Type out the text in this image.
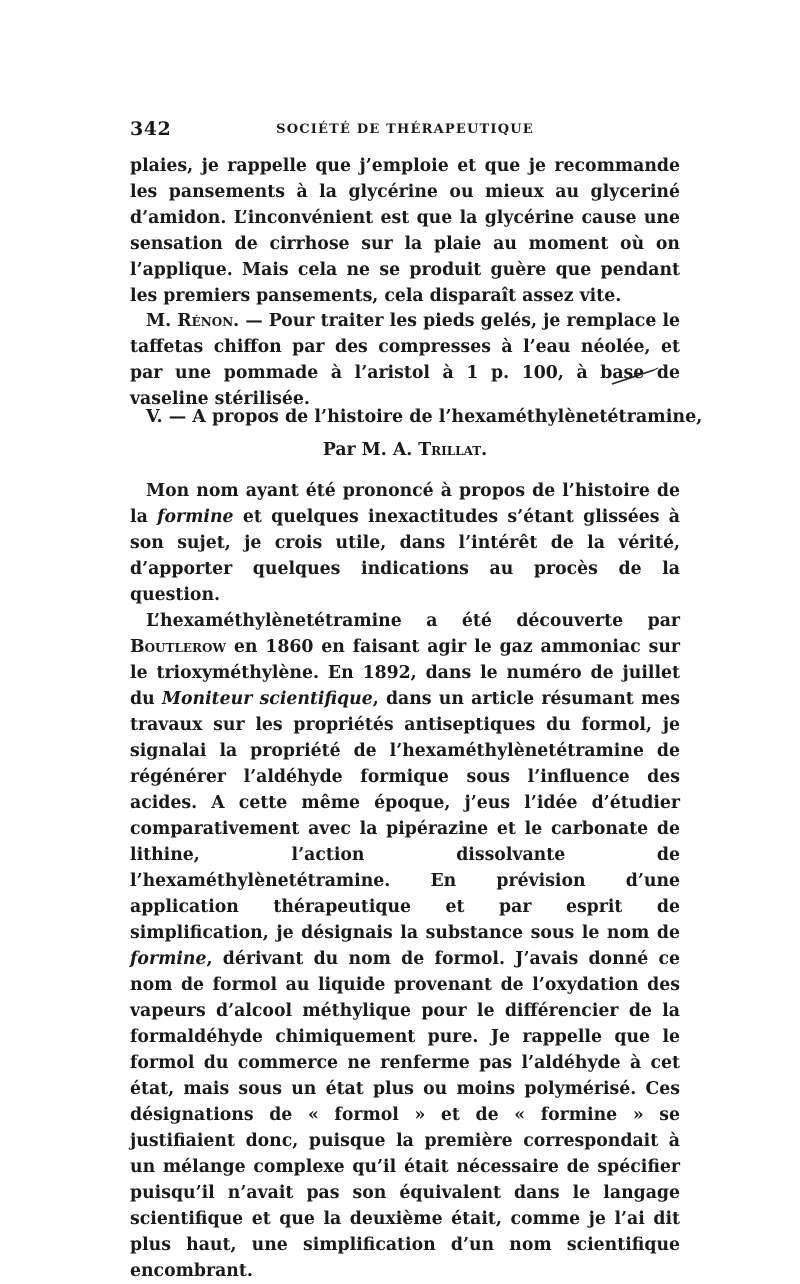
342	SOCIÉTÉ DE THÉRAPEUTIQUE

plaies, je rappelle que j’emploie et que je recommande les pansements à la glycérine ou mieux au glyceriné d’amidon. L’inconvénient est que la glycérine cause une sensation de cirrhose sur la plaie au moment où on l’applique. Mais cela ne se produit guère que pendant les premiers pansements, cela disparaît assez vite.

M. Rénon. — Pour traiter les pieds gelés, je remplace le taffetas chiffon par des compresses à l’eau néolée, et par une pommade à l’aristol à 1 p. 100, à base de vaseline stérilisée.

V. — A propos de l’histoire de l’hexaméthylènetétramine,
Par M. A. Trillat.

Mon nom ayant été prononcé à propos de l’histoire de la formine et quelques inexactitudes s’étant glissées à son sujet, je crois utile, dans l’intérêt de la vérité, d’apporter quelques indications au procès de la question.

L’hexaméthylènetétramine a été découverte par Boutlerow en 1860 en faisant agir le gaz ammoniac sur le trioxyméthylène. En 1892, dans le numéro de juillet du Moniteur scientifique, dans un article résumant mes travaux sur les propriétés antiseptiques du formol, je signalai la propriété de l’hexaméthylènetétramine de régénérer l’aldéhyde formique sous l’influence des acides. A cette même époque, j’eus l’idée d’étudier comparativement avec la pipérazine et le carbonate de lithine, l’action dissolvante de l’hexaméthylènetétramine. En prévision d’une application thérapeutique et par esprit de simplification, je désignais la substance sous le nom de formine, dérivant du nom de formol. J’avais donné ce nom de formol au liquide provenant de l’oxydation des vapeurs d’alcool méthylique pour le différencier de la formaldéhyde chimiquement pure. Je rappelle que le formol du commerce ne renferme pas l’aldéhyde à cet état, mais sous un état plus ou moins polymérisé. Ces désignations de « formol » et de « formine » se justifiaient donc, puisque la première correspondait à un mélange complexe qu’il était nécessaire de spécifier puisqu’il n’avait pas son équivalent dans le langage scientifique et que la deuxième était, comme je l’ai dit plus haut, une simplification d’un nom scientifique encombrant.
